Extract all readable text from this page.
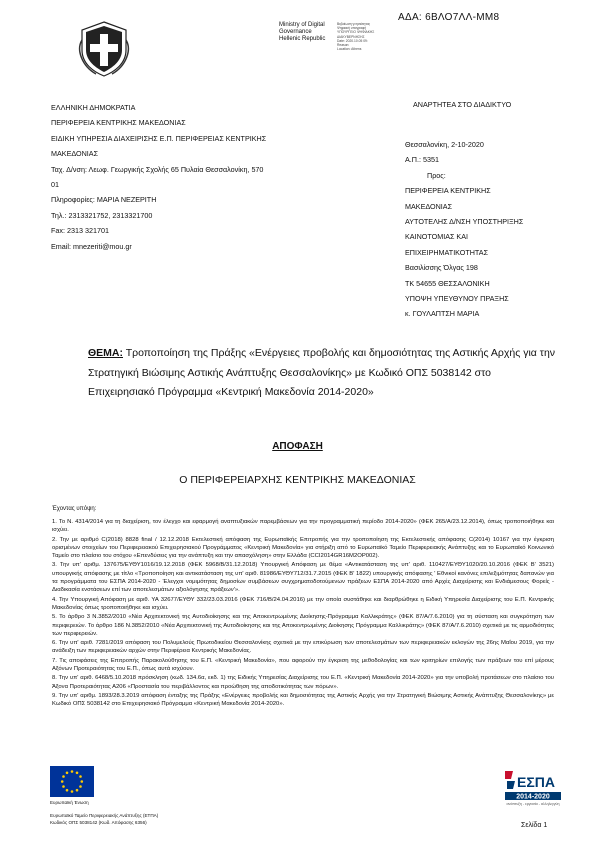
ΑΔΑ: 6ΒΛΟ7ΛΛ-ΜΜ8
Ministry of Digital
Governance
Hellenic Republic
Βεβαίωση γνησιότητας
Ψηφιακή υπογραφή
ΥΠΟΥΡΓΕΙΟ ΨΗΦΙΑΚΗΣ
ΔΙΑΚΥΒΕΡΝΗΣΗΣ
Date: 2020.10.05 09:
Reason:
Location: Athens
ΕΛΛΗΝΙΚΗ ΔΗΜΟΚΡΑΤΙΑ
ΠΕΡΙΦΕΡΕΙΑ ΚΕΝΤΡΙΚΗΣ ΜΑΚΕΔΟΝΙΑΣ
ΕΙΔΙΚΗ ΥΠΗΡΕΣΙΑ ΔΙΑΧΕΙΡΙΣΗΣ Ε.Π. ΠΕΡΙΦΕΡΕΙΑΣ ΚΕΝΤΡΙΚΗΣ
ΜΑΚΕΔΟΝΙΑΣ
Ταχ. Δ/νση: Λεωφ. Γεωργικής Σχολής 65 Πυλαία Θεσσαλονίκη, 570
01
Πληροφορίες: ΜΑΡΙΑ ΝΕΖΕΡΙΤΗ
Τηλ.: 2313321752, 2313321700
Fax: 2313 321701
Email: mnezeriti@mou.gr
ΑΝΑΡΤΗΤΕΑ ΣΤΟ ΔΙΑΔΙΚΤΥΟ
Θεσσαλονίκη, 2-10-2020
Α.Π.: 5351
Προς:
ΠΕΡΙΦΕΡΕΙΑ ΚΕΝΤΡΙΚΗΣ
ΜΑΚΕΔΟΝΙΑΣ
ΑΥΤΟΤΕΛΗΣ Δ/ΝΣΗ ΥΠΟΣΤΗΡΙΞΗΣ
ΚΑΙΝΟΤΟΜΙΑΣ ΚΑΙ
ΕΠΙΧΕΙΡΗΜΑΤΙΚΟΤΗΤΑΣ
Βασιλίσσης Όλγας 198
ΤΚ 54655 ΘΕΣΣΑΛΟΝΙΚΗ
ΥΠΟΨΗ ΥΠΕΥΘΥΝΟΥ ΠΡΑΞΗΣ
κ. ΓΟΥΛΑΠΤΣΗ ΜΑΡΙΑ
ΘΕΜΑ: Τροποποίηση της Πράξης «Ενέργειες προβολής και δημοσιότητας της Αστικής Αρχής για την Στρατηγική Βιώσιμης Αστικής Ανάπτυξης Θεσσαλονίκης» με Κωδικό ΟΠΣ 5038142 στο Επιχειρησιακό Πρόγραμμα «Κεντρική Μακεδονία 2014-2020»
ΑΠΟΦΑΣΗ
Ο ΠΕΡΙΦΕΡΕΙΑΡΧΗΣ ΚΕΝΤΡΙΚΗΣ ΜΑΚΕΔΟΝΙΑΣ
Έχοντας υπόψη:

1. Το Ν. 4314/2014 για τη διαχείριση, τον έλεγχο και εφαρμογή αναπτυξιακών παρεμβάσεων για την προγραμματική περίοδο 2014-2020» (ΦΕΚ 265/Α/23.12.2014), όπως τροποποιήθηκε και ισχύει.

2. Την με αριθμό C(2018) 8828 final / 12.12.2018 Εκτελεστική απόφαση της Ευρωπαϊκής Επιτροπής για την τροποποίηση της Εκτελεστικής απόφασης C(2014) 10167 για την έγκριση ορισμένων στοιχείων του Περιφερειακού Επιχειρησιακού Προγράμματος «Κεντρική Μακεδονία» για στήριξη από το Ευρωπαϊκό Ταμείο Περιφερειακής Ανάπτυξης και το Ευρωπαϊκό Κοινωνικό Ταμείο στο πλαίσιο του στόχου «Επενδύσεις για την ανάπτυξη και την απασχόληση» στην Ελλάδα (CCI2014GR16M2OP002).

3. Την υπ' αριθμ. 137675/ΕΥΘΥ1016/19.12.2018 (ΦΕΚ 5968/Β/31.12.2018) Υπουργική Απόφαση με θέμα «Αντικατάσταση της υπ' αριθ. 110427/ΕΥΘΥ1020/20.10.2016 (ΦΕΚ Β' 3521) υπουργικής απόφασης με τίτλο «Τροποποίηση και αντικατάσταση της υπ' αριθ. 81986/ΕΥΘΥ712/31.7.2015 (ΦΕΚ Β' 1822) υπουργικής απόφασης ' Εθνικοί κανόνες επιλεξιμότητας δαπανών για τα προγράμματα του ΕΣΠΑ 2014-2020 - Έλεγχοι νομιμότητας δημοσίων συμβάσεων συγχρηματοδοτούμενων πράξεων ΕΣΠΑ 2014-2020 από Αρχές Διαχείρισης και Ενδιάμεσους Φορείς - Διαδικασία ενστάσεων επί των αποτελεσμάτων αξιολόγησης πράξεων'».

4. Την Υπουργική Απόφαση με αριθ. ΥΑ 32677/ΕΥΘΥ 332/23.03.2016 (ΦΕΚ 716/Β/24.04.2016) με την οποία συστάθηκε και διαρθρώθηκε η Ειδική Υπηρεσία Διαχείρισης του Ε.Π. Κεντρικής Μακεδονίας όπως τροποποιήθηκε και ισχύει.

5. Το άρθρο 3 Ν.3852/2010 «Νέα Αρχιτεκτονική της Αυτοδιοίκησης και της Αποκεντρωμένης Διοίκησης-Πρόγραμμα Καλλικράτης» (ΦΕΚ 87/Α/7.6.2010) για τη σύσταση και συγκρότηση των περιφερειών. Το άρθρο 186 Ν.3852/2010 «Νέα Αρχιτεκτονική της Αυτοδιοίκησης και της Αποκεντρωμένης Διοίκησης Πρόγραμμα Καλλικράτης» (ΦΕΚ 87/Α/7.6.2010) σχετικά με τις αρμοδιότητες των περιφερειών.

6. Την υπ' αριθ. 7281/2019 απόφαση του Πολυμελούς Πρωτοδικείου Θεσσαλονίκης σχετικά με την επικύρωση των αποτελεσμάτων των περιφερειακών εκλογών της 26ης Μαΐου 2019, για την ανάδειξη των περιφερειακών αρχών στην Περιφέρεια Κεντρικής Μακεδονίας.

7. Τις αποφάσεις της Επιτροπής Παρακολούθησης του Ε.Π. «Κεντρική Μακεδονία», που αφορούν την έγκριση της μεθοδολογίας και των κριτηρίων επιλογής των πράξεων του επί μέρους Αξόνων Προτεραιότητας του Ε.Π., όπως αυτά ισχύουν.

8. Την υπ' αριθ. 6468/5.10.2018 πρόσκληση (κωδ. 134.6α, εκδ. 1) της Ειδικής Υπηρεσίας Διαχείρισης του Ε.Π. «Κεντρική Μακεδονία 2014-2020» για την υποβολή προτάσεων στο πλαίσιο του Άξονα Προτεραιότητας Α206 «Προστασία του περιβάλλοντος και προώθηση της αποδοτικότητας των πόρων».

9. Την υπ' αριθμ. 1893/28.3.2019 απόφαση ένταξης της Πράξης «Ενέργειες προβολής και δημοσιότητας της Αστικής Αρχής για την Στρατηγική Βιώσιμης Αστικής Ανάπτυξης Θεσσαλονίκης» με Κωδικό ΟΠΣ 5038142 στο Επιχειρησιακό Πρόγραμμα «Κεντρική Μακεδονία 2014-2020».

Ευρωπαϊκή Ένωση
ΕΣΠΑ
2014-2020
ανάπτυξη - εργασία - αλληλεγγύη
Ευρωπαϊκό Ταμείο Περιφερειακής Ανάπτυξης (ΕΤΠΑ)
Κωδικός ΟΠΣ 5038142 (Κωδ. Απόφασης 6356)	Σελίδα 1
